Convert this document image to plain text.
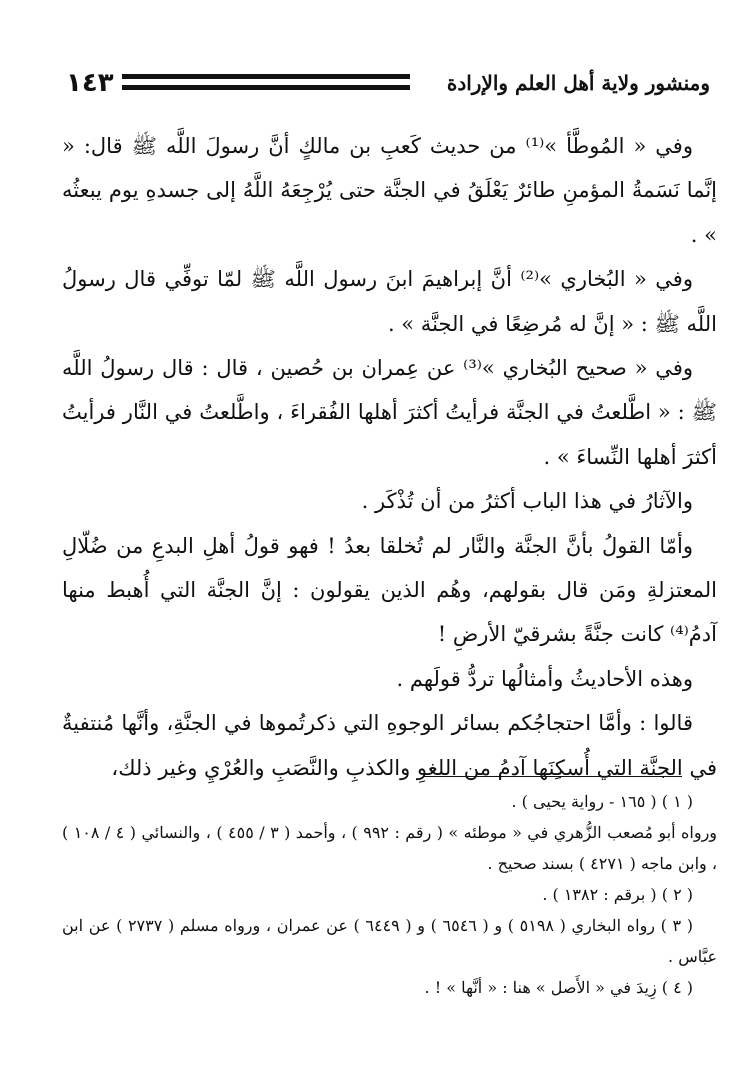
١٤٣	ومنشور ولاية أهل العلم والإرادة

وفي « المُوطَّأ »⁽¹⁾ من حديث كَعبِ بن مالكٍ أنَّ رسولَ اللَّه ﷺ قال: « إنَّما نَسَمةُ المؤمنِ طائرٌ يَعْلَقُ في الجنَّة حتى يُرْجِعَهُ اللَّهُ إلى جسدهِ يوم يبعثُه » .

وفي « البُخاري »⁽²⁾ أنَّ إبراهيمَ ابنَ رسول اللَّه ﷺ لمّا توفِّي قال رسولُ اللَّه ﷺ : « إنَّ له مُرضِعًا في الجنَّة » .

وفي « صحيح البُخاري »⁽³⁾ عن عِمران بن حُصين ، قال : قال رسولُ اللَّه ﷺ : « اطَّلعتُ في الجنَّة فرأيتُ أكثرَ أهلها الفُقراءَ ، واطَّلعتُ في النَّار فرأيتُ أكثرَ أهلها النِّساءَ » .

والآثارُ في هذا الباب أكثرُ من أن تُذْكَر .

وأمّا القولُ بأنَّ الجنَّة والنَّار لم تُخلقا بعدُ ! فهو قولُ أهلِ البدعِ من ضُلّالِ المعتزلةِ ومَن قال بقولهم، وهُم الذين يقولون : إنَّ الجنَّة التي أُهبط منها آدمُ⁽⁴⁾ كانت جنَّةً بشرقيّ الأرضِ !

وهذه الأحاديثُ وأمثالُها تردُّ قولَهم .

قالوا : وأمَّا احتجاجُكم بسائر الوجوهِ التي ذكرتُموها في الجنَّةِ، وأنَّها مُنتفيةٌ في الجنَّة التي أُسكِنَها آدمُ من اللغوِ والكذبِ والنَّصَبِ والعُرْيِ وغير ذلك،

( ١ ) ( ١٦٥ - رواية يحيى ) .

ورواه أبو مُصعب الزُّهري في « موطئه » ( رقم : ٩٩٢ ) ، وأحمد ( ٣ / ٤٥٥ ) ، والنسائي ( ٤ / ١٠٨ ) ، وابن ماجه ( ٤٢٧١ ) بسند صحيح .

( ٢ ) ( برقم : ١٣٨٢ ) .

( ٣ ) رواه البخاري ( ٥١٩٨ ) و ( ٦٥٤٦ ) و ( ٦٤٤٩ ) عن عمران ، ورواه مسلم ( ٢٧٣٧ ) عن ابن عبَّاس .

( ٤ ) زِيدَ في « الأَصل » هنا : « أنَّها » ! .
